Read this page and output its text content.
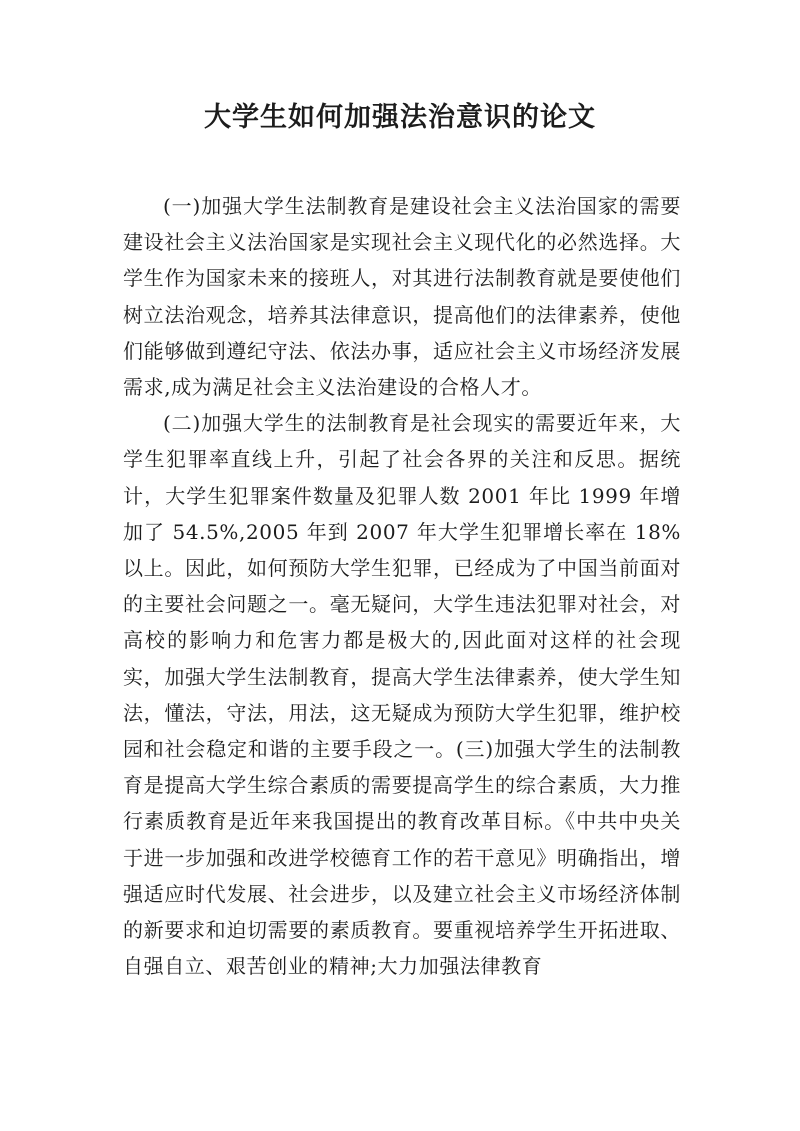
大学生如何加强法治意识的论文

(一)加强大学生法制教育是建设社会主义法治国家的需要建设社会主义法治国家是实现社会主义现代化的必然选择。大学生作为国家未来的接班人，对其进行法制教育就是要使他们树立法治观念，培养其法律意识，提高他们的法律素养，使他们能够做到遵纪守法、依法办事，适应社会主义市场经济发展需求,成为满足社会主义法治建设的合格人才。

(二)加强大学生的法制教育是社会现实的需要近年来，大学生犯罪率直线上升，引起了社会各界的关注和反思。据统计，大学生犯罪案件数量及犯罪人数 2001 年比 1999 年增加了 54.5%,2005 年到 2007 年大学生犯罪增长率在 18%以上。因此，如何预防大学生犯罪，已经成为了中国当前面对的主要社会问题之一。毫无疑问，大学生违法犯罪对社会，对高校的影响力和危害力都是极大的,因此面对这样的社会现实，加强大学生法制教育，提高大学生法律素养，使大学生知法，懂法，守法，用法，这无疑成为预防大学生犯罪，维护校园和社会稳定和谐的主要手段之一。(三)加强大学生的法制教育是提高大学生综合素质的需要提高学生的综合素质，大力推行素质教育是近年来我国提出的教育改革目标。《中共中央关于进一步加强和改进学校德育工作的若干意见》明确指出，增强适应时代发展、社会进步，以及建立社会主义市场经济体制的新要求和迫切需要的素质教育。要重视培养学生开拓进取、自强自立、艰苦创业的精神;大力加强法律教育
